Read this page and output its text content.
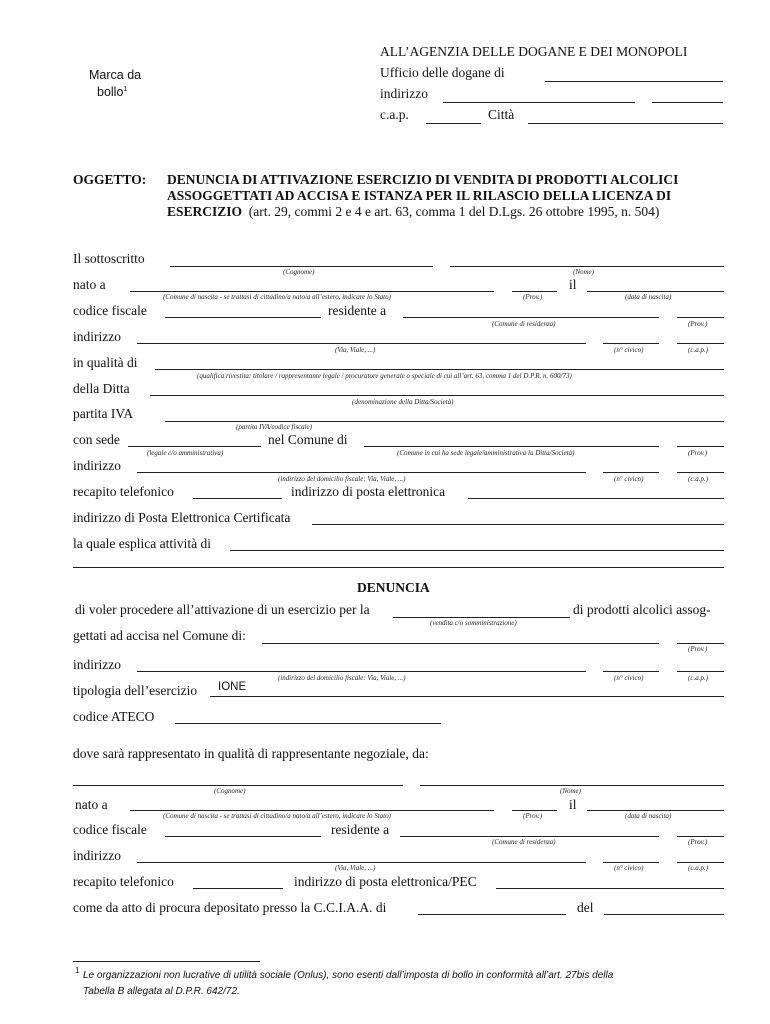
Marca da
bollo$^1$
ALL’AGENZIA DELLE DOGANE E DEI MONOPOLI
Ufficio delle dogane di
indirizzo
c.a.p.	Città
OGGETTO: DENUNCIA DI ATTIVAZIONE ESERCIZIO DI VENDITA DI PRODOTTI ALCOLICI
ASSOGGETTATI AD ACCISA E ISTANZA PER IL RILASCIO DELLA LICENZA DI
ESERCIZIO (art. 29, commi 2 e 4 e art. 63, comma 1 del D.Lgs. 26 ottobre 1995, n. 504)
Il sottoscritto
(Cognome)	(Nome)
nato a	il
(Comune di nascita - se trattasi di cittadino/a nato/a all’estero, indicare lo Stato)	(Prov.)	(data di nascita)
codice fiscale	residente a
(Comune di residenza)	(Prov.)
indirizzo
(Via, Viale, ...)	(n° civico)	(c.a.p.)
in qualità di
(qualifica rivestita: titolare / rappresentante legale / procuratore generale o speciale di cui all’art. 63, comma 1 del D.P.R. n. 600/73)
della Ditta
(denominazione della Ditta/Società)
partita IVA
(partita IVA/codice fiscale)
con sede	nel Comune di
(legale c/o amministrativa)	(Comune in cui ha sede legale/amministrativa la Ditta/Società)	(Prov.)
indirizzo
(indirizzo del domicilio fiscale: Via, Viale, ...)	(n° civico)	(c.a.p.)
recapito telefonico	indirizzo di posta elettronica
indirizzo di Posta Elettronica Certificata
la quale esplica attività di
DENUNCIA
di voler procedere all’attivazione di un esercizio per la	di prodotti alcolici assog-
(vendita c/o somministrazione)
gettati ad accisa nel Comune di:
(Prov.)
indirizzo
(indirizzo del domicilio fiscale: Via, Viale, ...)	(n° civico)	(c.a.p.)
tipologia dell’esercizio IONE
codice ATECO
dove sarà rappresentato in qualità di rappresentante negoziale, da:
(Cognome)	(Nome)
nato a	il
(Comune di nascita - se trattasi di cittadino/a nato/a all’estero, indicare lo Stato)	(Prov.)	(data di nascita)
codice fiscale	residente a
(Comune di residenza)	(Prov.)
indirizzo
(Via, Viale, ...)	(n° civico)	(c.a.p.)
recapito telefonico	indirizzo di posta elettronica/PEC
come da atto di procura depositato presso la C.C.I.A.A. di	del
1 Le organizzazioni non lucrative di utilità sociale (Onlus), sono esenti dall’imposta di bollo in conformità all’art. 27bis della
Tabella B allegata al D.P.R. 642/72.
